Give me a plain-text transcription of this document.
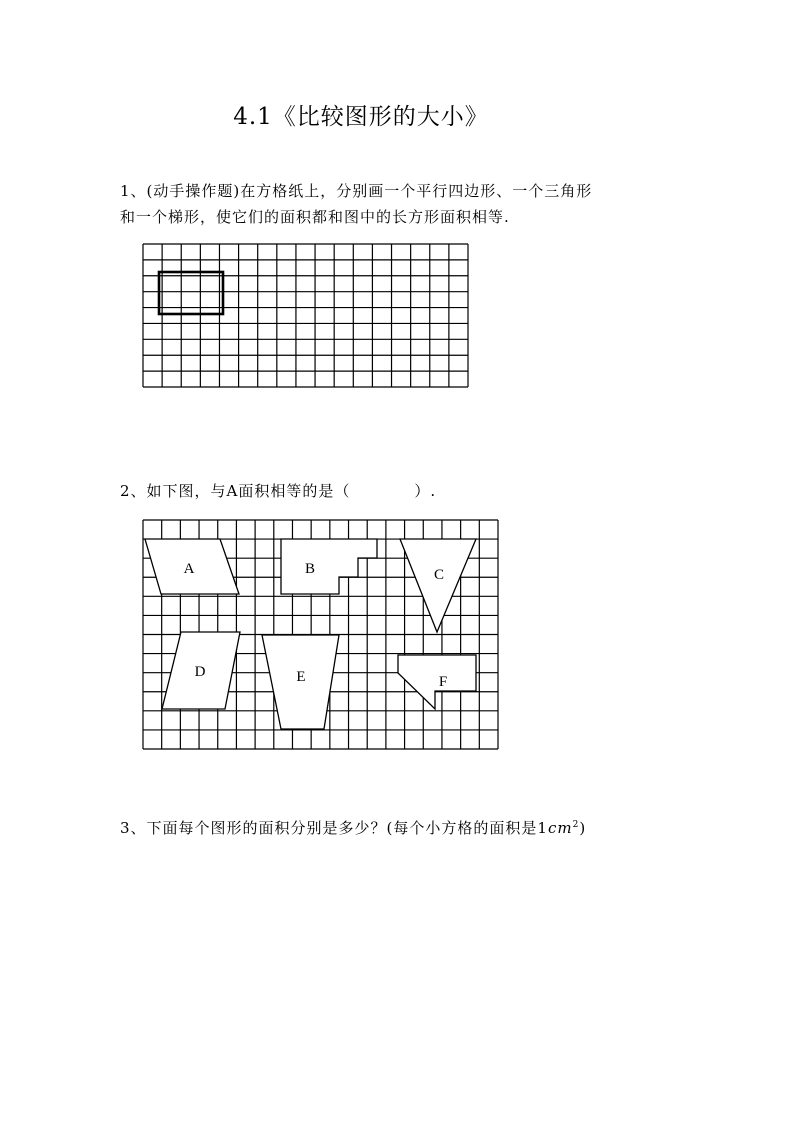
4.1《比较图形的大小》
1、(动手操作题)在方格纸上，分别画一个平行四边形、一个三角形
和一个梯形，使它们的面积都和图中的长方形面积相等.
2、如下图，与A面积相等的是（　　　　）.
A	B	C
D	E	F
3、下面每个图形的面积分别是多少？(每个小方格的面积是$1cm^2$)
